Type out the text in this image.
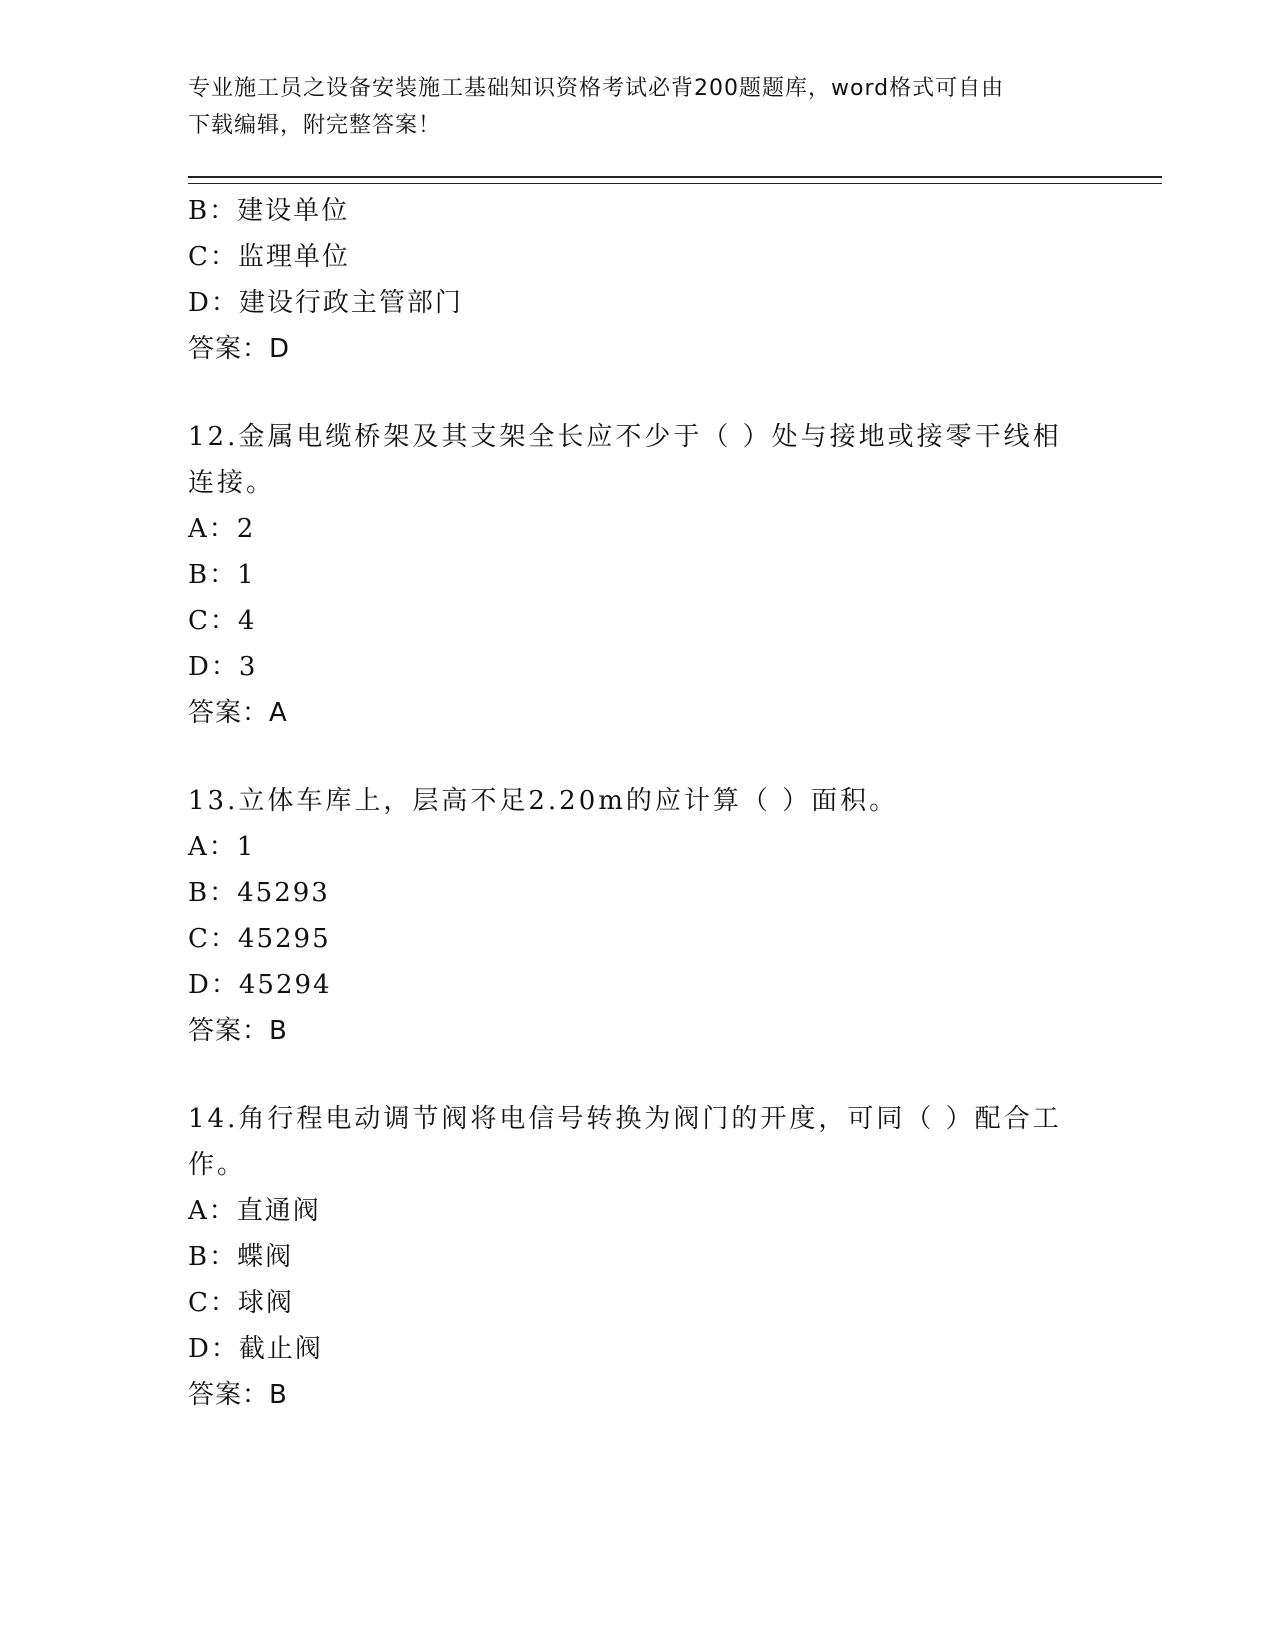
专业施工员之设备安装施工基础知识资格考试必背200题题库，word格式可自由
下载编辑，附完整答案！
B：建设单位
C：监理单位
D：建设行政主管部门
答案：D
12.金属电缆桥架及其支架全长应不少于（ ）处与接地或接零干线相
连接。
A：2
B：1
C：4
D：3
答案：A
13.立体车库上，层高不足2.20m的应计算（ ）面积。
A：1
B：45293
C：45295
D：45294
答案：B
14.角行程电动调节阀将电信号转换为阀门的开度，可同（ ）配合工
作。
A：直通阀
B：蝶阀
C：球阀
D：截止阀
答案：B
